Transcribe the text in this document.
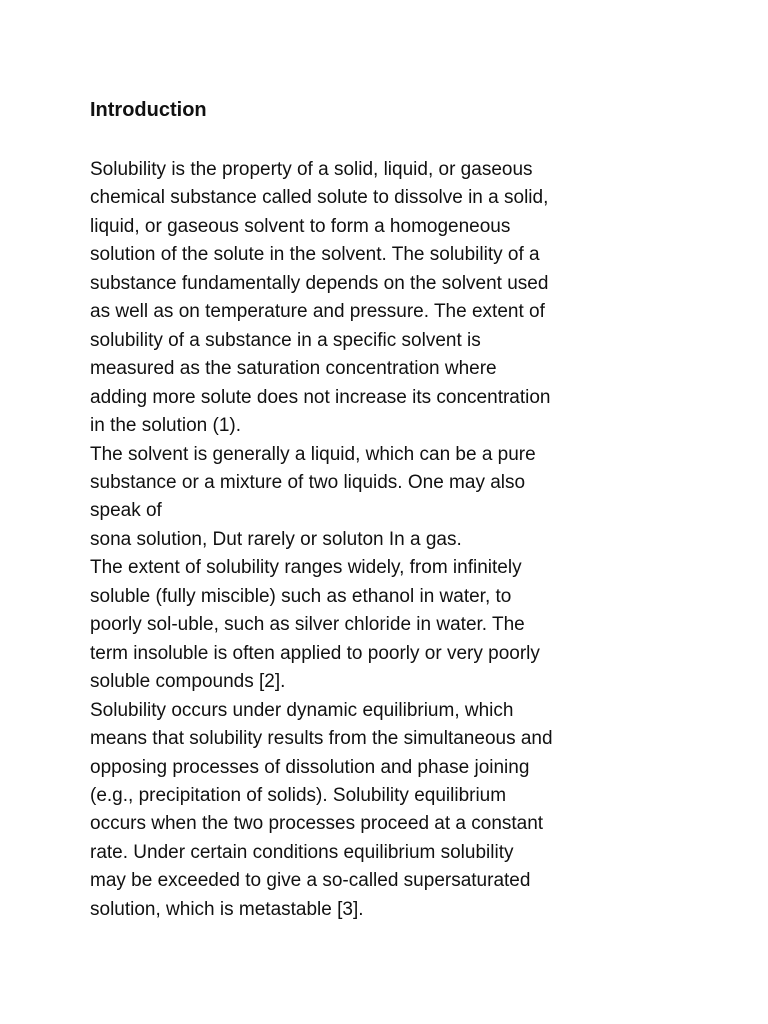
Introduction
Solubility is the property of a solid, liquid, or gaseous
chemical substance called solute to dissolve in a solid,
liquid, or gaseous solvent to form a homogeneous
solution of the solute in the solvent. The solubility of a
substance fundamentally depends on the solvent used
as well as on temperature and pressure. The extent of
solubility of a substance in a specific solvent is
measured as the saturation concentration where
adding more solute does not increase its concentration
in the solution (1).
The solvent is generally a liquid, which can be a pure
substance or a mixture of two liquids. One may also
speak of
sona solution, Dut rarely or soluton In a gas.
The extent of solubility ranges widely, from infinitely
soluble (fully miscible) such as ethanol in water, to
poorly sol-uble, such as silver chloride in water. The
term insoluble is often applied to poorly or very poorly
soluble compounds [2].
Solubility occurs under dynamic equilibrium, which
means that solubility results from the simultaneous and
opposing processes of dissolution and phase joining
(e.g., precipitation of solids). Solubility equilibrium
occurs when the two processes proceed at a constant
rate. Under certain conditions equilibrium solubility
may be exceeded to give a so-called supersaturated
solution, which is metastable [3].
